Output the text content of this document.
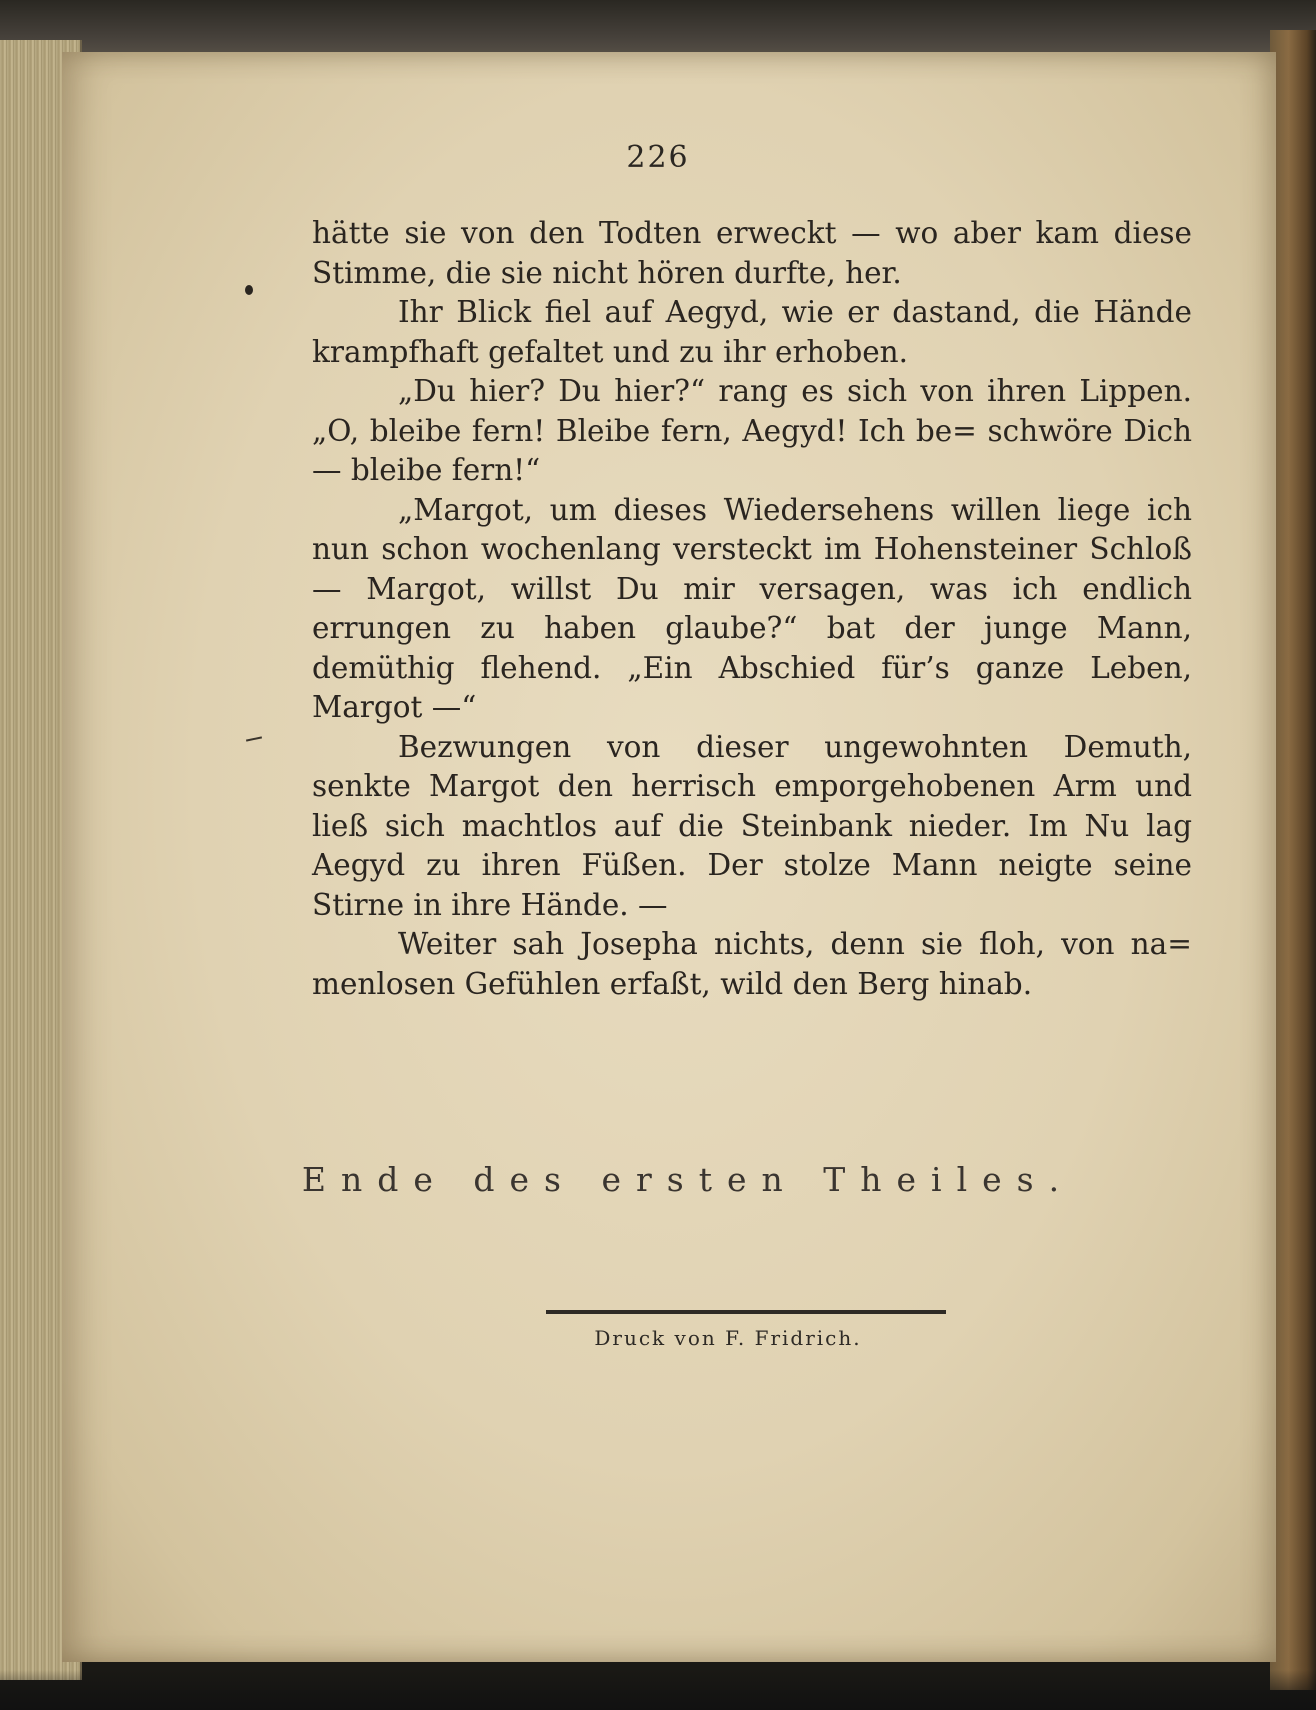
226

hätte sie von den Todten erweckt — wo aber kam diese Stimme, die sie nicht hören durfte, her.

Ihr Blick fiel auf Aegyd, wie er dastand, die Hände krampfhaft gefaltet und zu ihr erhoben.

„Du hier? Du hier?“ rang es sich von ihren Lippen. „O, bleibe fern! Bleibe fern, Aegyd! Ich be= schwöre Dich — bleibe fern!“

„Margot, um dieses Wiedersehens willen liege ich nun schon wochenlang versteckt im Hohensteiner Schloß — Margot, willst Du mir versagen, was ich endlich errungen zu haben glaube?“ bat der junge Mann, demüthig flehend. „Ein Abschied für’s ganze Leben, Margot —“

Bezwungen von dieser ungewohnten Demuth, senkte Margot den herrisch emporgehobenen Arm und ließ sich machtlos auf die Steinbank nieder. Im Nu lag Aegyd zu ihren Füßen. Der stolze Mann neigte seine Stirne in ihre Hände. —

Weiter sah Josepha nichts, denn sie floh, von na= menlosen Gefühlen erfaßt, wild den Berg hinab.

Ende des ersten Theiles.
Druck von F. Fridrich.
